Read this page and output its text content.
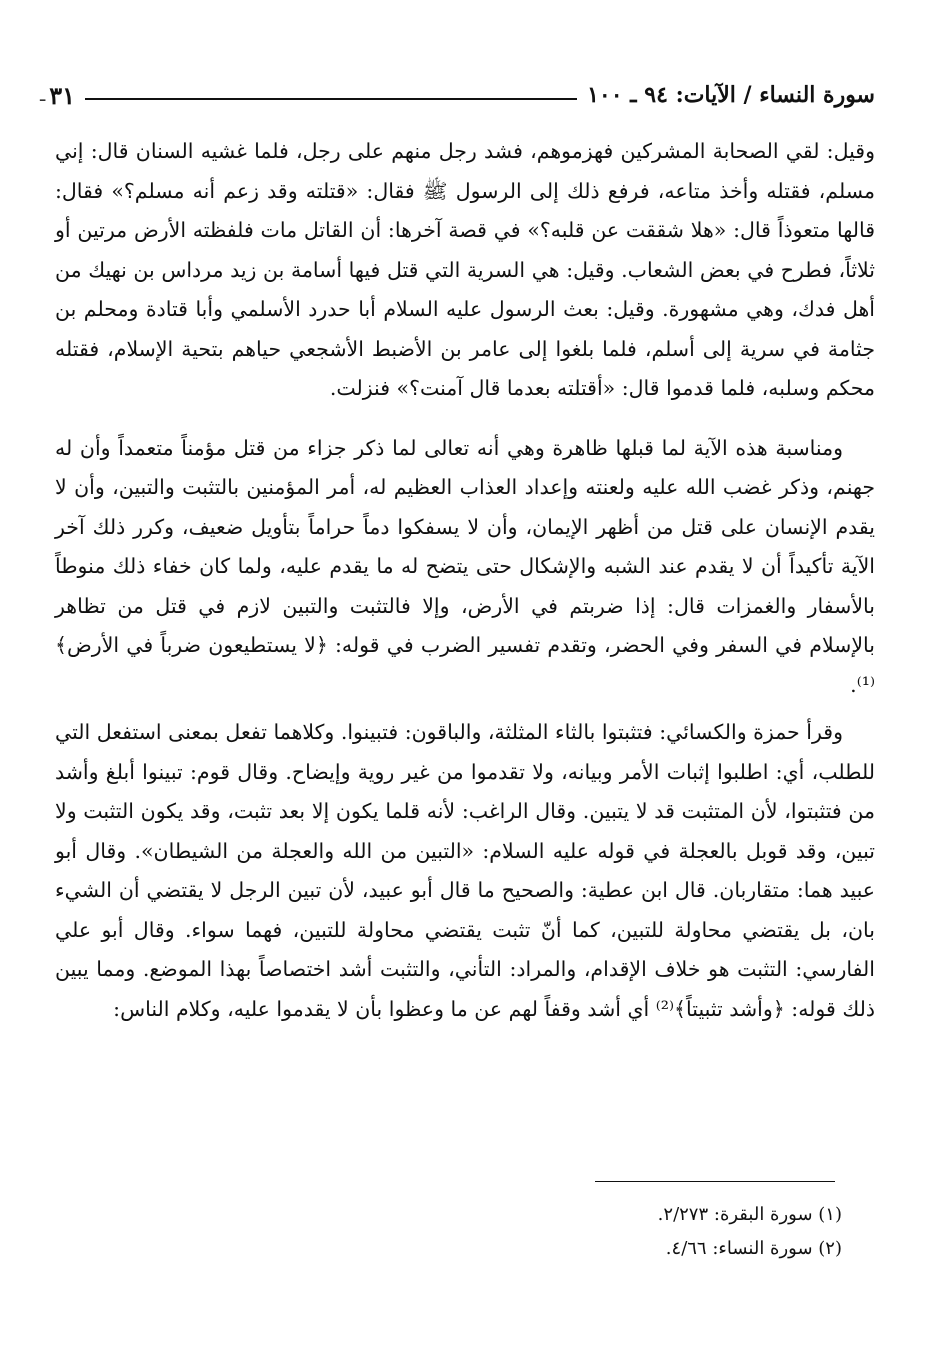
سورة النساء / الآيات: ٩٤ ـ ١٠٠
٣١
ـ

وقيل: لقي الصحابة المشركين فهزموهم، فشد رجل منهم على رجل، فلما غشيه السنان قال: إني مسلم، فقتله وأخذ متاعه، فرفع ذلك إلى الرسول ﷺ فقال: «قتلته وقد زعم أنه مسلم؟» فقال: قالها متعوذاً قال: «هلا شققت عن قلبه؟» في قصة آخرها: أن القاتل مات فلفظته الأرض مرتين أو ثلاثاً، فطرح في بعض الشعاب. وقيل: هي السرية التي قتل فيها أسامة بن زيد مرداس بن نهيك من أهل فدك، وهي مشهورة. وقيل: بعث الرسول عليه السلام أبا حدرد الأسلمي وأبا قتادة ومحلم بن جثامة في سرية إلى أسلم، فلما بلغوا إلى عامر بن الأضبط الأشجعي حياهم بتحية الإسلام، فقتله محكم وسلبه، فلما قدموا قال: «أقتلته بعدما قال آمنت؟» فنزلت.

ومناسبة هذه الآية لما قبلها ظاهرة وهي أنه تعالى لما ذكر جزاء من قتل مؤمناً متعمداً وأن له جهنم، وذكر غضب الله عليه ولعنته وإعداد العذاب العظيم له، أمر المؤمنين بالتثبت والتبين، وأن لا يقدم الإنسان على قتل من أظهر الإيمان، وأن لا يسفكوا دماً حراماً بتأويل ضعيف، وكرر ذلك آخر الآية تأكيداً أن لا يقدم عند الشبه والإشكال حتى يتضح له ما يقدم عليه، ولما كان خفاء ذلك منوطاً بالأسفار والغمزات قال: إذا ضربتم في الأرض، وإلا فالتثبت والتبين لازم في قتل من تظاهر بالإسلام في السفر وفي الحضر، وتقدم تفسير الضرب في قوله: ﴿لا يستطيعون ضرباً في الأرض﴾⁽¹⁾.

وقرأ حمزة والكسائي: فتثبتوا بالثاء المثلثة، والباقون: فتبينوا. وكلاهما تفعل بمعنى استفعل التي للطلب، أي: اطلبوا إثبات الأمر وبيانه، ولا تقدموا من غير روية وإيضاح. وقال قوم: تبينوا أبلغ وأشد من فتثبتوا، لأن المتثبت قد لا يتبين. وقال الراغب: لأنه قلما يكون إلا بعد تثبت، وقد يكون التثبت ولا تبين، وقد قوبل بالعجلة في قوله عليه السلام: «التبين من الله والعجلة من الشيطان». وقال أبو عبيد هما: متقاربان. قال ابن عطية: والصحيح ما قال أبو عبيد، لأن تبين الرجل لا يقتضي أن الشيء بان، بل يقتضي محاولة للتبين، كما أنّ تثبت يقتضي محاولة للتبين، فهما سواء. وقال أبو علي الفارسي: التثبت هو خلاف الإقدام، والمراد: التأني، والتثبت أشد اختصاصاً بهذا الموضع. ومما يبين ذلك قوله: ﴿وأشد تثبيتاً﴾⁽²⁾ أي أشد وقفاً لهم عن ما وعظوا بأن لا يقدموا عليه، وكلام الناس:

(١) سورة البقرة: ٢/٢٧٣.
(٢) سورة النساء: ٤/٦٦.
